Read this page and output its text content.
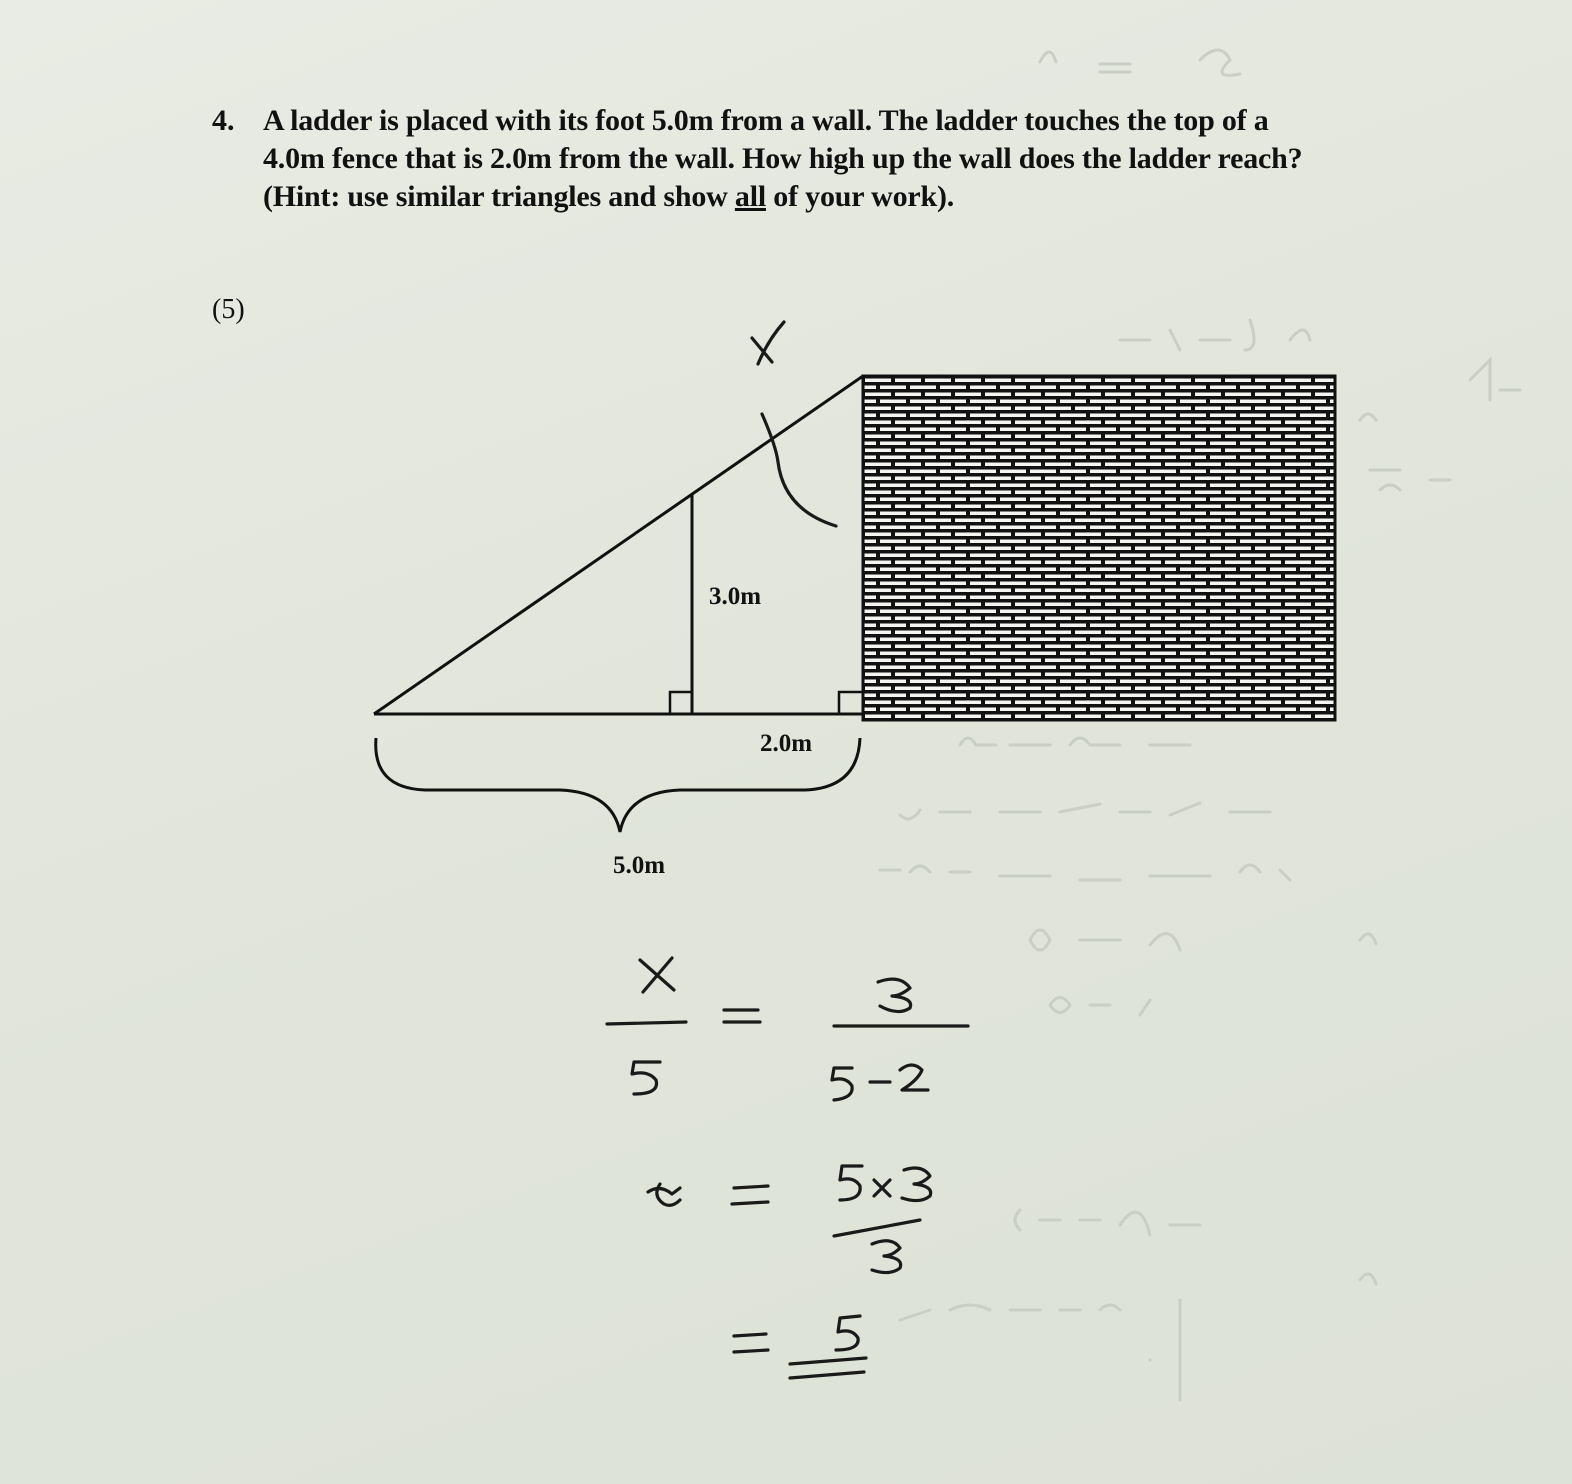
4. A ladder is placed with its foot 5.0m from a wall. The ladder touches the top of a
4.0m fence that is 2.0m from the wall. How high up the wall does the ladder reach?
(Hint: use similar triangles and show all of your work).
(5)
3.0m
2.0m
5.0m
